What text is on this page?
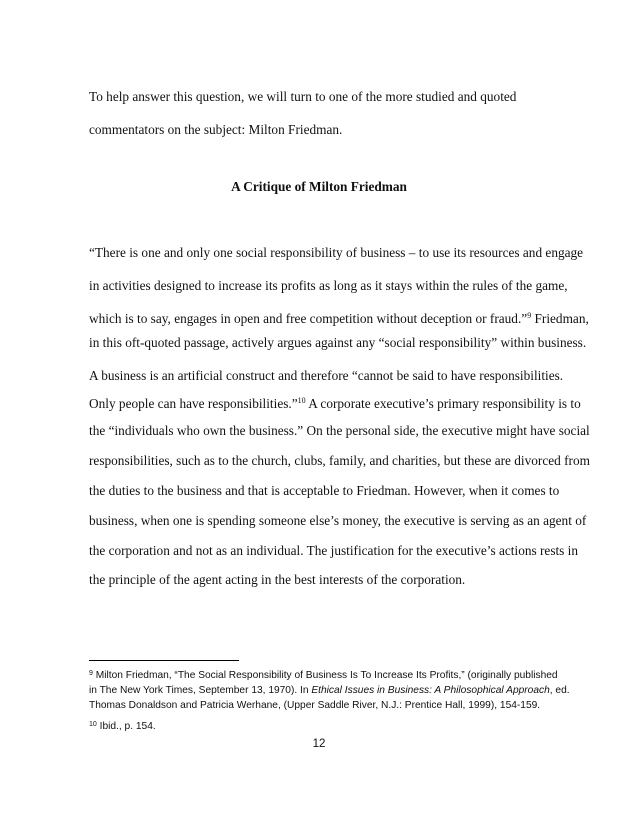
To help answer this question, we will turn to one of the more studied and quoted
commentators on the subject: Milton Friedman.
A Critique of Milton Friedman
“There is one and only one social responsibility of business – to use its resources and engage
in activities designed to increase its profits as long as it stays within the rules of the game,
which is to say, engages in open and free competition without deception or fraud.”$^9$ Friedman,
in this oft-quoted passage, actively argues against any “social responsibility” within business.
A business is an artificial construct and therefore “cannot be said to have responsibilities.
Only people can have responsibilities.”$^{10}$ A corporate executive’s primary responsibility is to
the “individuals who own the business.” On the personal side, the executive might have social
responsibilities, such as to the church, clubs, family, and charities, but these are divorced from
the duties to the business and that is acceptable to Friedman. However, when it comes to
business, when one is spending someone else’s money, the executive is serving as an agent of
the corporation and not as an individual. The justification for the executive’s actions rests in
the principle of the agent acting in the best interests of the corporation.
$^9$ Milton Friedman, “The Social Responsibility of Business Is To Increase Its Profits,” (originally published
in The New York Times, September 13, 1970). In Ethical Issues in Business: A Philosophical Approach, ed.
Thomas Donaldson and Patricia Werhane, (Upper Saddle River, N.J.: Prentice Hall, 1999), 154-159.
$^{10}$ Ibid., p. 154.
12
